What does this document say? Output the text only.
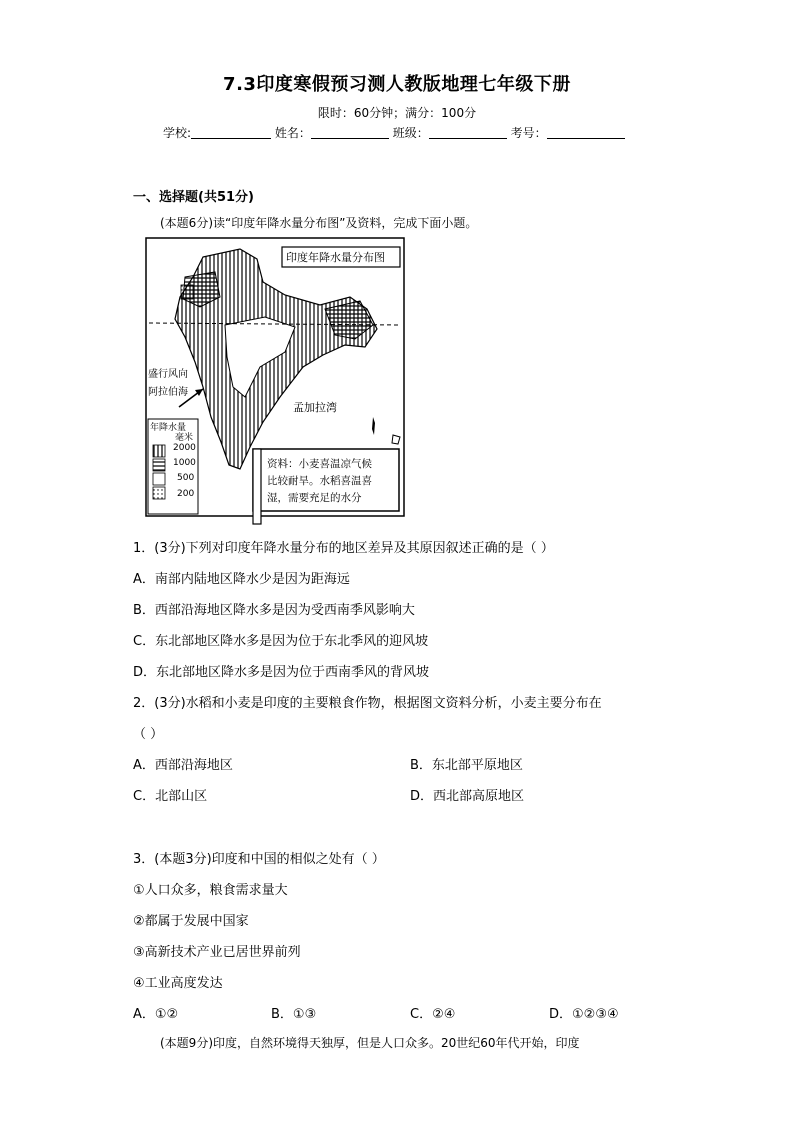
7.3印度寒假预习测人教版地理七年级下册
限时：60分钟；满分：100分
学校:	姓名：	班级：	考号：
一、选择题(共51分)
(本题6分)读“印度年降水量分布图”及资料，完成下面小题。
印度年降水量分布图
盛行风向
阿拉伯海
孟加拉湾
年降水量
毫米
2000
1000
500
200
资料：小麦喜温凉气候
比较耐旱。水稻喜温喜
湿，需要充足的水分
1．(3分)下列对印度年降水量分布的地区差异及其原因叙述正确的是（ ）
A．南部内陆地区降水少是因为距海远
B．西部沿海地区降水多是因为受西南季风影响大
C．东北部地区降水多是因为位于东北季风的迎风坡
D．东北部地区降水多是因为位于西南季风的背风坡
2．(3分)水稻和小麦是印度的主要粮食作物，根据图文资料分析，小麦主要分布在
（ ）
A．西部沿海地区	B．东北部平原地区
C．北部山区	D．西北部高原地区
3．(本题3分)印度和中国的相似之处有（ ）
①人口众多，粮食需求量大
②都属于发展中国家
③高新技术产业已居世界前列
④工业高度发达
A．①②	B．①③	C．②④	D．①②③④
(本题9分)印度，自然环境得天独厚，但是人口众多。20世纪60年代开始，印度
